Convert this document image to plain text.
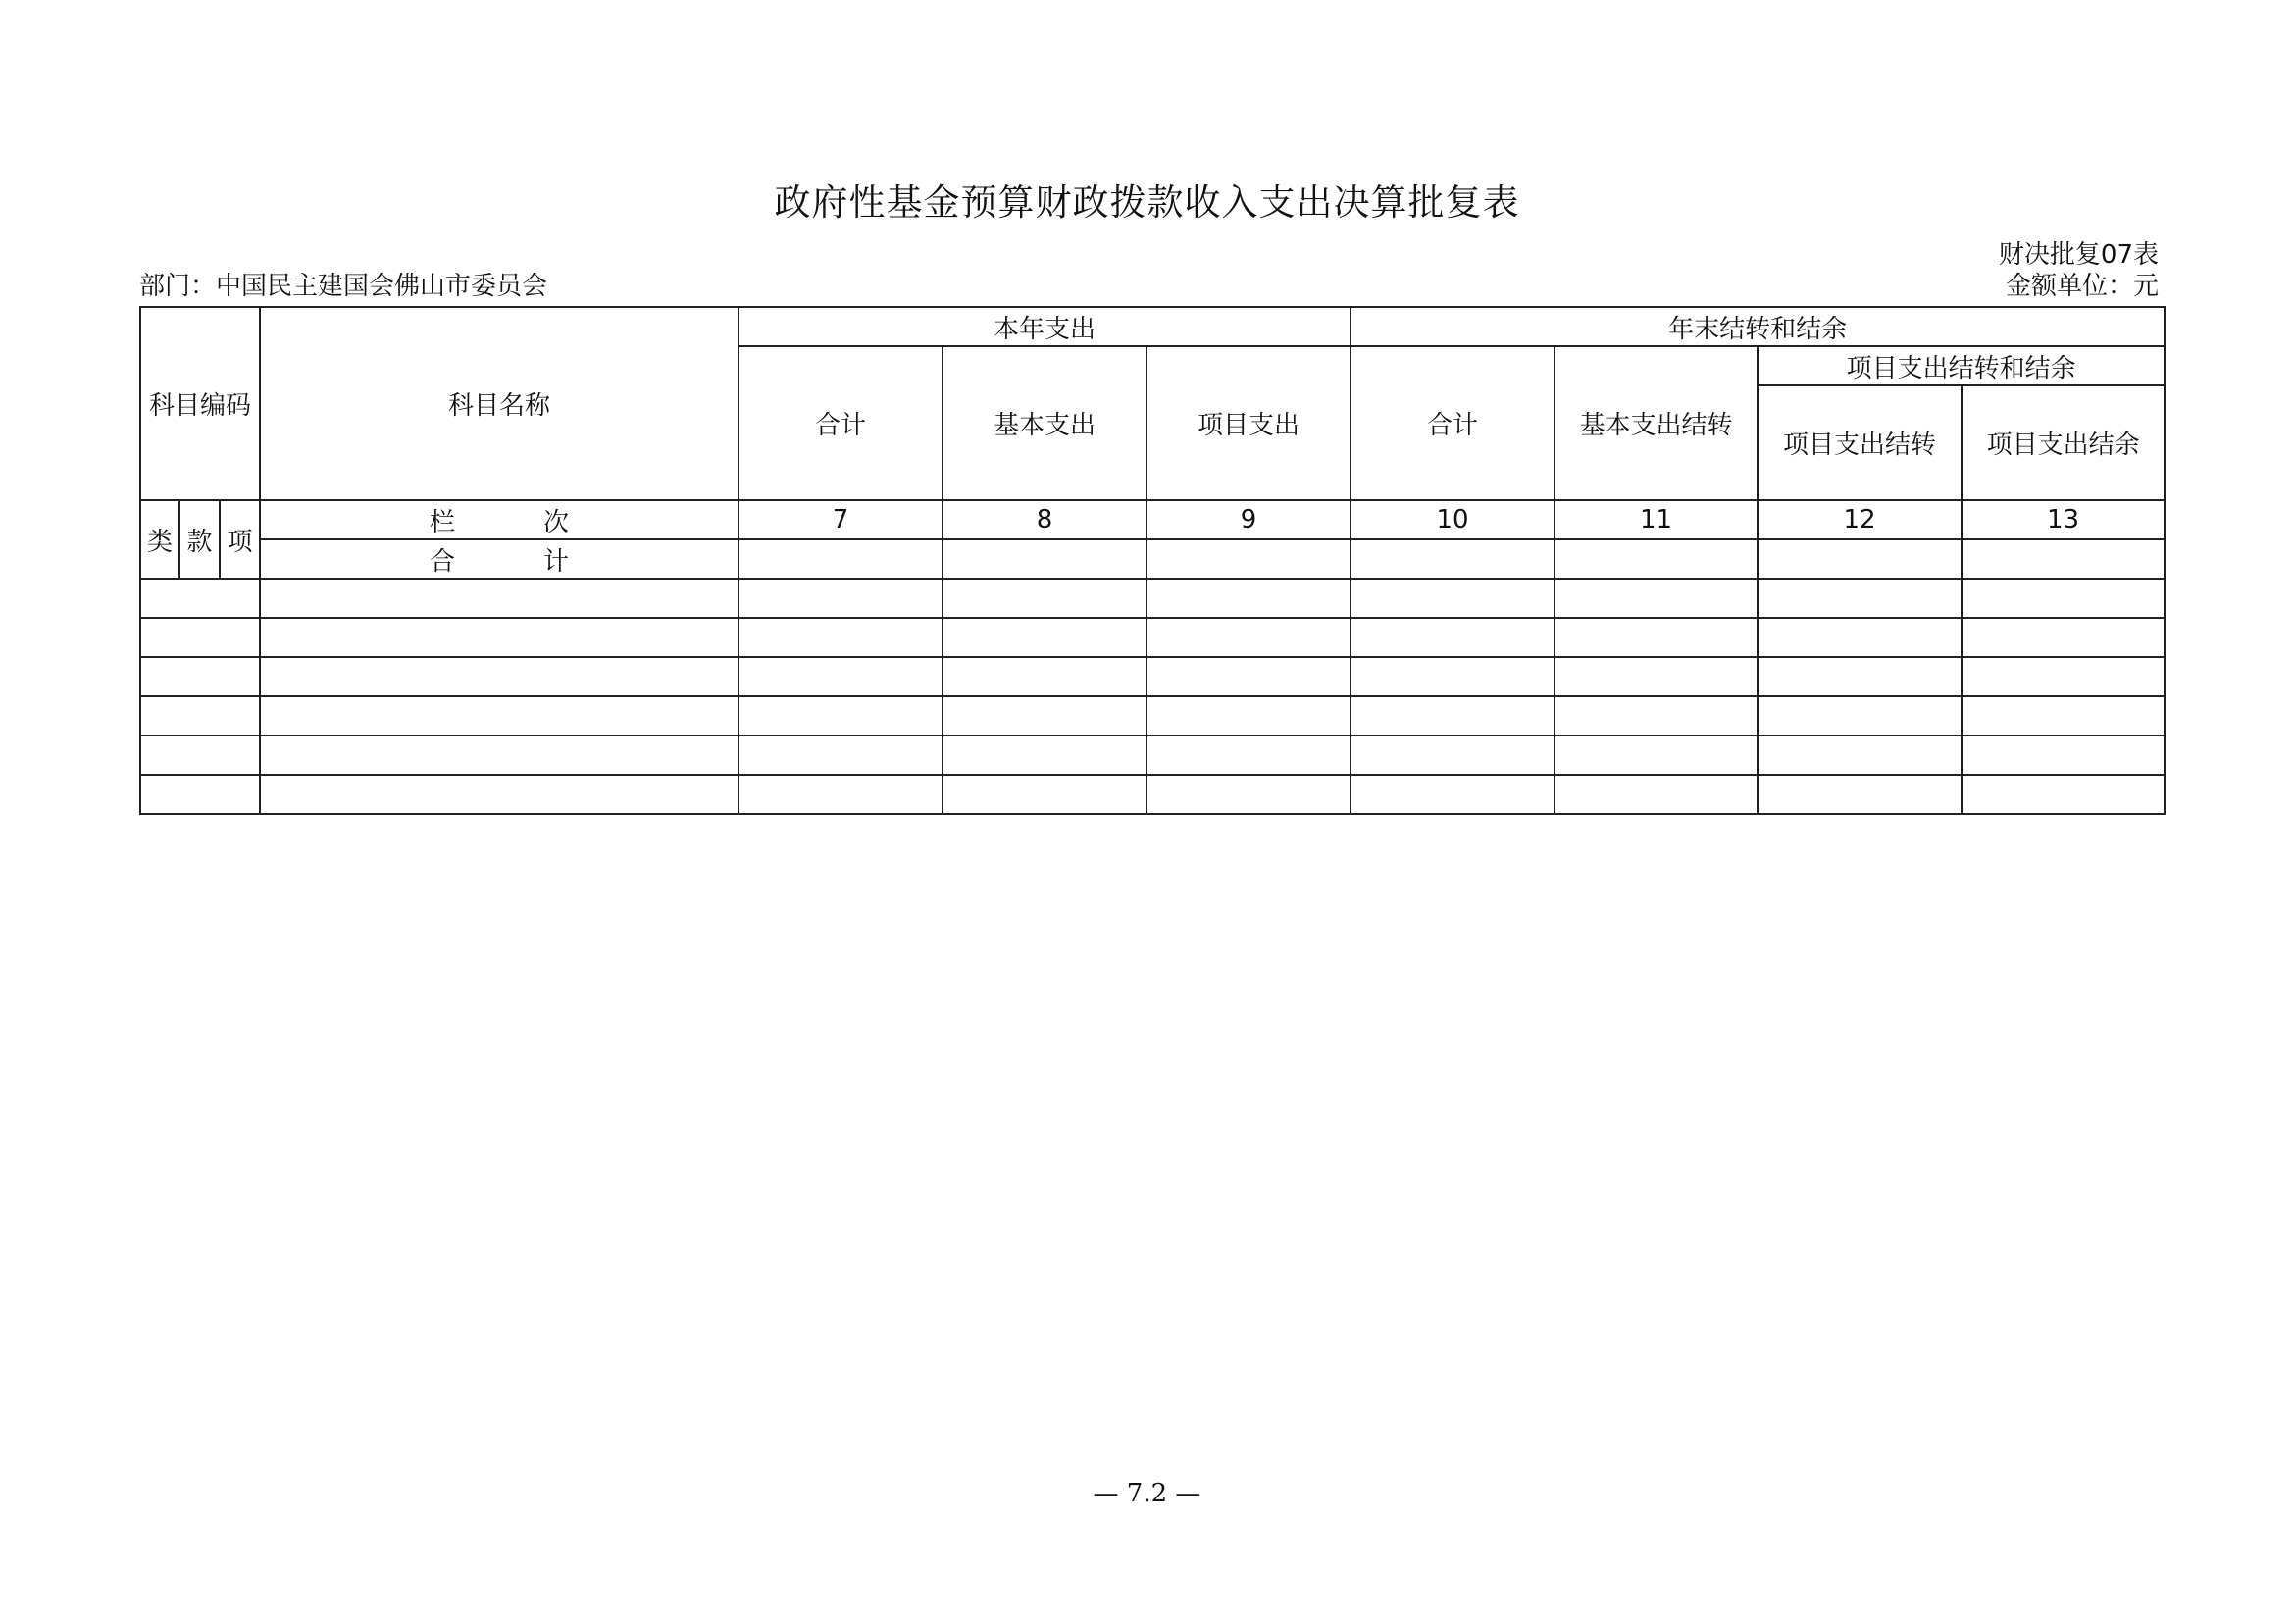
政府性基金预算财政拨款收入支出决算批复表
财决批复07表
部门：中国民主建国会佛山市委员会	金额单位：元
科目编码			科目名称	本年支出			年末结转和结余			
				合计	基本支出	项目支出	合计	基本支出结转	项目支出结转和结余	
									项目支出结转	项目支出结余
类	款	项	栏 次	7	8	9	10	11	12	13
			合 计							

— 7.2 —
